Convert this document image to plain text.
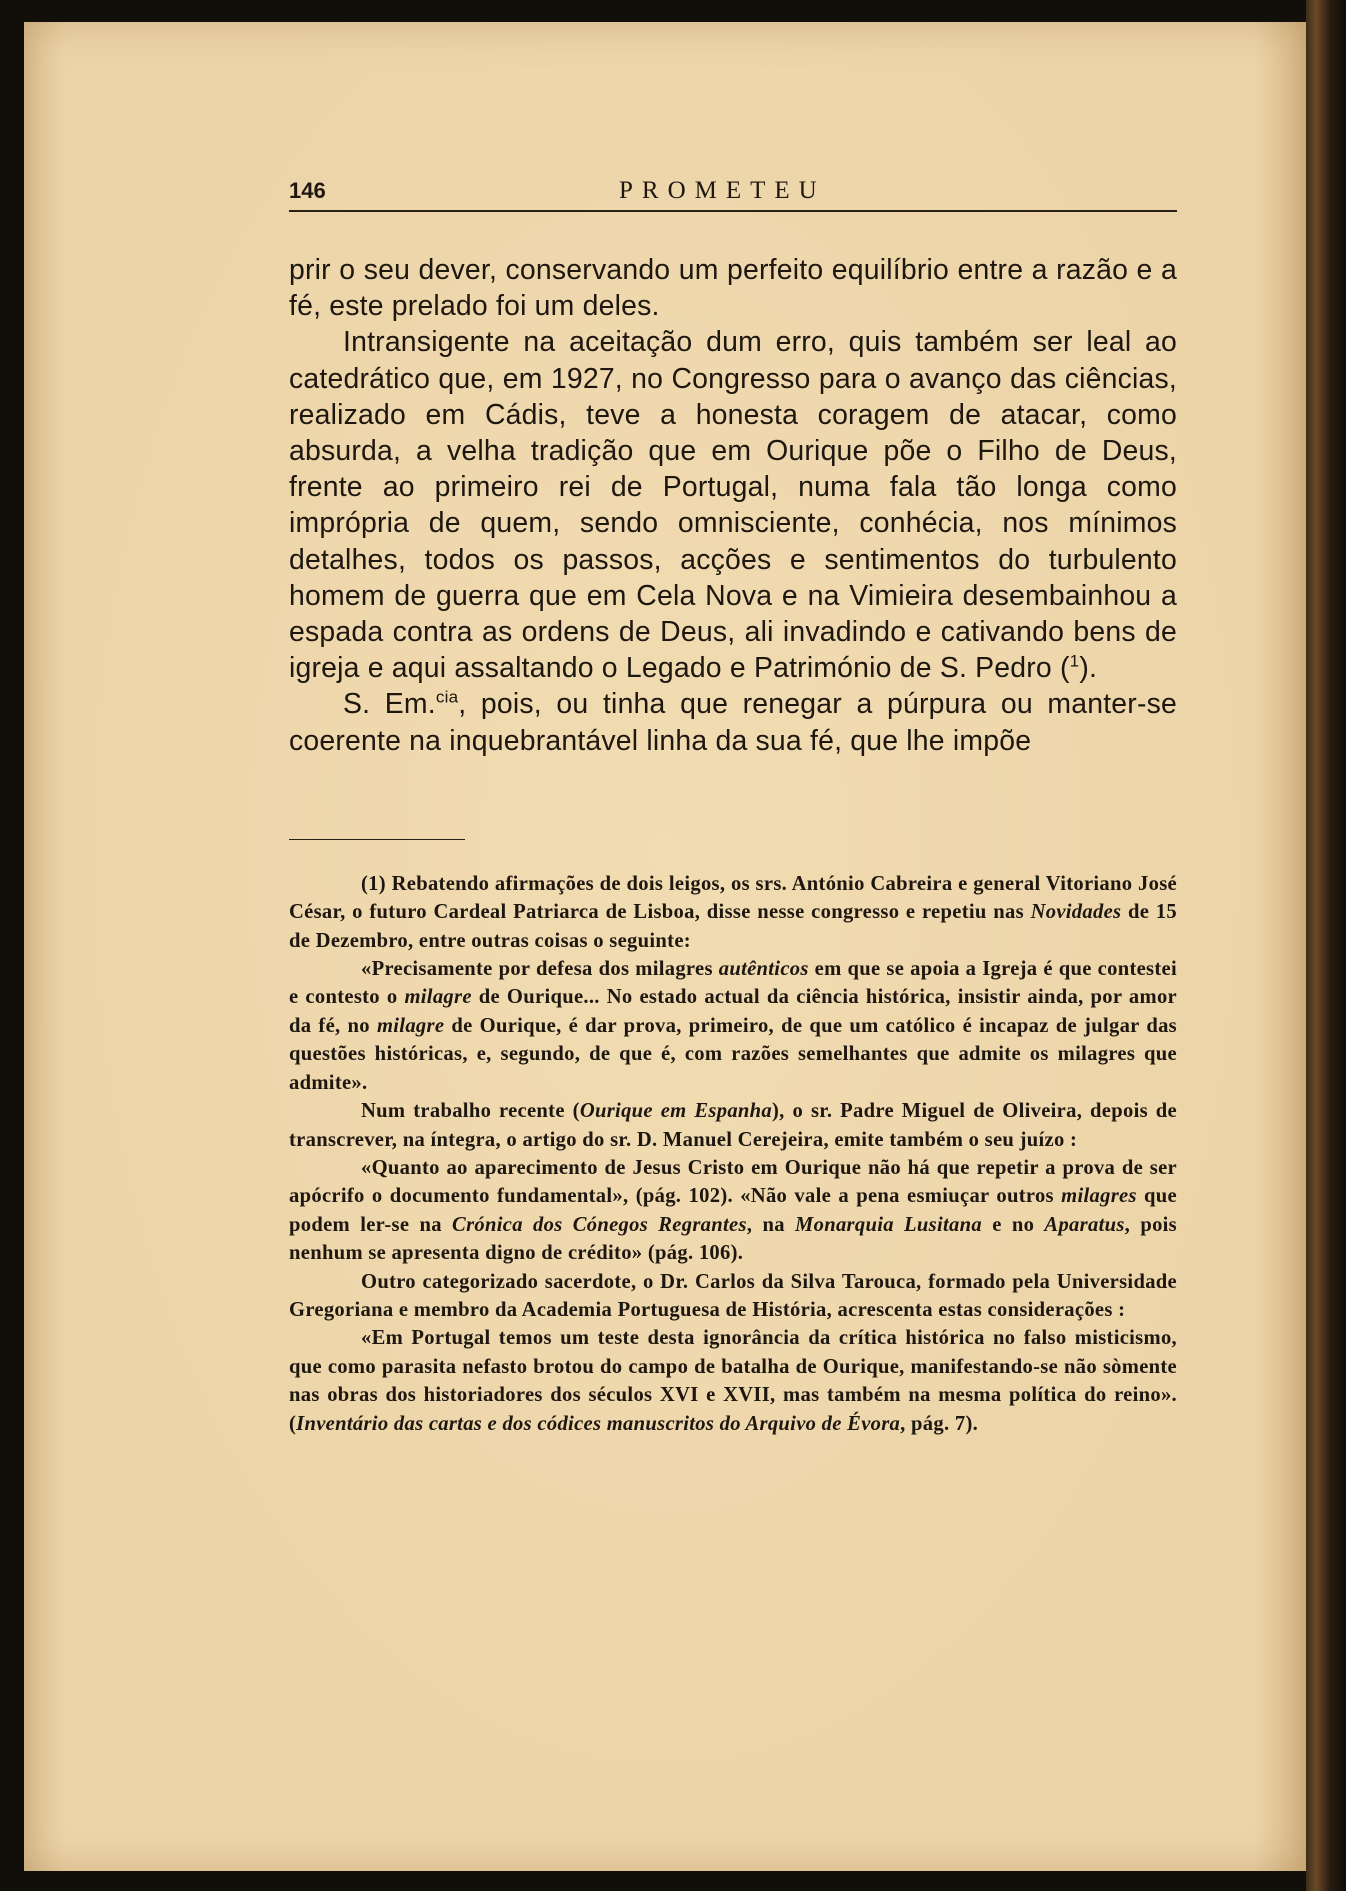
146	PROMETEU

prir o seu dever, conservando um perfeito equilíbrio entre a razão e a fé, este prelado foi um deles.

Intransigente na aceitação dum erro, quis também ser leal ao catedrático que, em 1927, no Congresso para o avanço das ciências, realizado em Cádis, teve a honesta coragem de atacar, como absurda, a velha tradição que em Ourique põe o Filho de Deus, frente ao primeiro rei de Portugal, numa fala tão longa como imprópria de quem, sendo omnisciente, conhécia, nos mínimos detalhes, todos os passos, acções e sentimentos do turbulento homem de guerra que em Cela Nova e na Vimieira desembainhou a espada contra as ordens de Deus, ali invadindo e cativando bens de igreja e aqui assaltando o Legado e Património de S. Pedro ($^1$).

S. Em.$^{cia}$, pois, ou tinha que renegar a púrpura ou manter-se coerente na inquebrantável linha da sua fé, que lhe impõe

(1) Rebatendo afirmações de dois leigos, os srs. António Cabreira e general Vitoriano José César, o futuro Cardeal Patriarca de Lisboa, disse nesse congresso e repetiu nas Novidades de 15 de Dezembro, entre outras coisas o seguinte:

«Precisamente por defesa dos milagres autênticos em que se apoia a Igreja é que contestei e contesto o milagre de Ourique... No estado actual da ciência histórica, insistir ainda, por amor da fé, no milagre de Ourique, é dar prova, primeiro, de que um católico é incapaz de julgar das questões históricas, e, segundo, de que é, com razões semelhantes que admite os milagres que admite».

Num trabalho recente (Ourique em Espanha), o sr. Padre Miguel de Oliveira, depois de transcrever, na íntegra, o artigo do sr. D. Manuel Cerejeira, emite também o seu juízo :

«Quanto ao aparecimento de Jesus Cristo em Ourique não há que repetir a prova de ser apócrifo o documento fundamental», (pág. 102). «Não vale a pena esmiuçar outros milagres que podem ler-se na Crónica dos Cónegos Regrantes, na Monarquia Lusitana e no Aparatus, pois nenhum se apresenta digno de crédito» (pág. 106).

Outro categorizado sacerdote, o Dr. Carlos da Silva Tarouca, formado pela Universidade Gregoriana e membro da Academia Portuguesa de História, acrescenta estas considerações :

«Em Portugal temos um teste desta ignorância da crítica histórica no falso misticismo, que como parasita nefasto brotou do campo de batalha de Ourique, manifestando-se não sòmente nas obras dos historiadores dos séculos XVI e XVII, mas também na mesma política do reino». (Inventário das cartas e dos códices manuscritos do Arquivo de Évora, pág. 7).
